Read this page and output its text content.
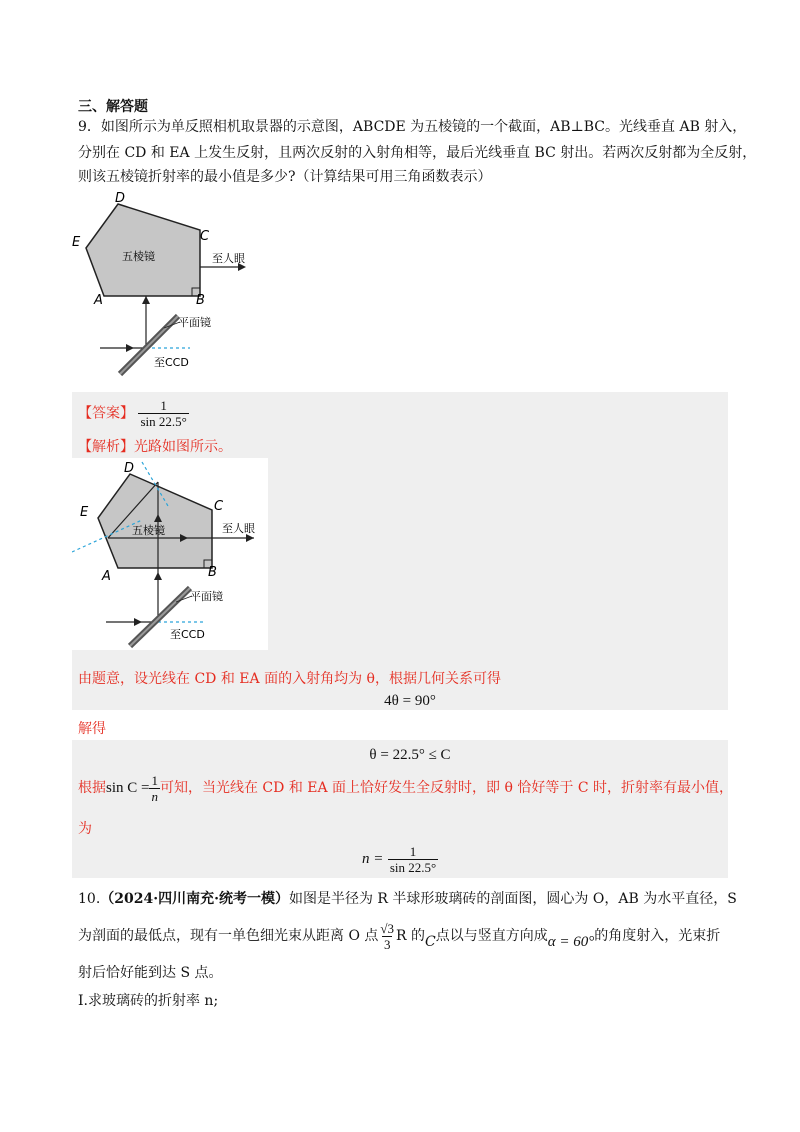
三、解答题
9．如图所示为单反照相机取景器的示意图，ABCDE 为五棱镜的一个截面，AB⊥BC。光线垂直 AB 射入，
分别在 CD 和 EA 上发生反射，且两次反射的入射角相等，最后光线垂直 BC 射出。若两次反射都为全反射，
则该五棱镜折射率的最小值是多少?（计算结果可用三角函数表示）
D
E	C
A	B
五棱镜	至人眼
平面镜
至CCD
【答案】 $\frac{1}{\sin 22.5^\circ}$
【解析】光路如图所示。
D
E	C
A	B
五棱镜	至人眼
平面镜
至CCD
由题意，设光线在 CD 和 EA 面的入射角均为 θ，根据几何关系可得
4θ = 90°
解得
θ = 22.5° ≤ C
根据$\sin C = \frac{1}{n}$ 可知，当光线在 CD 和 EA 面上恰好发生全反射时，即 θ 恰好等于 C 时，折射率有最小值，
为
$n = \frac{1}{\sin 22.5^\circ}$
10.（2024·四川南充·统考一模）如图是半径为 R 半球形玻璃砖的剖面图，圆心为 O，AB 为水平直径，S
为剖面的最低点，现有一单色细光束从距离 O 点 $\frac{√3}{3}$ R 的C点以与竖直方向成α = 60°的角度射入，光束折
射后恰好能到达 S 点。
Ⅰ.求玻璃砖的折射率 n;
